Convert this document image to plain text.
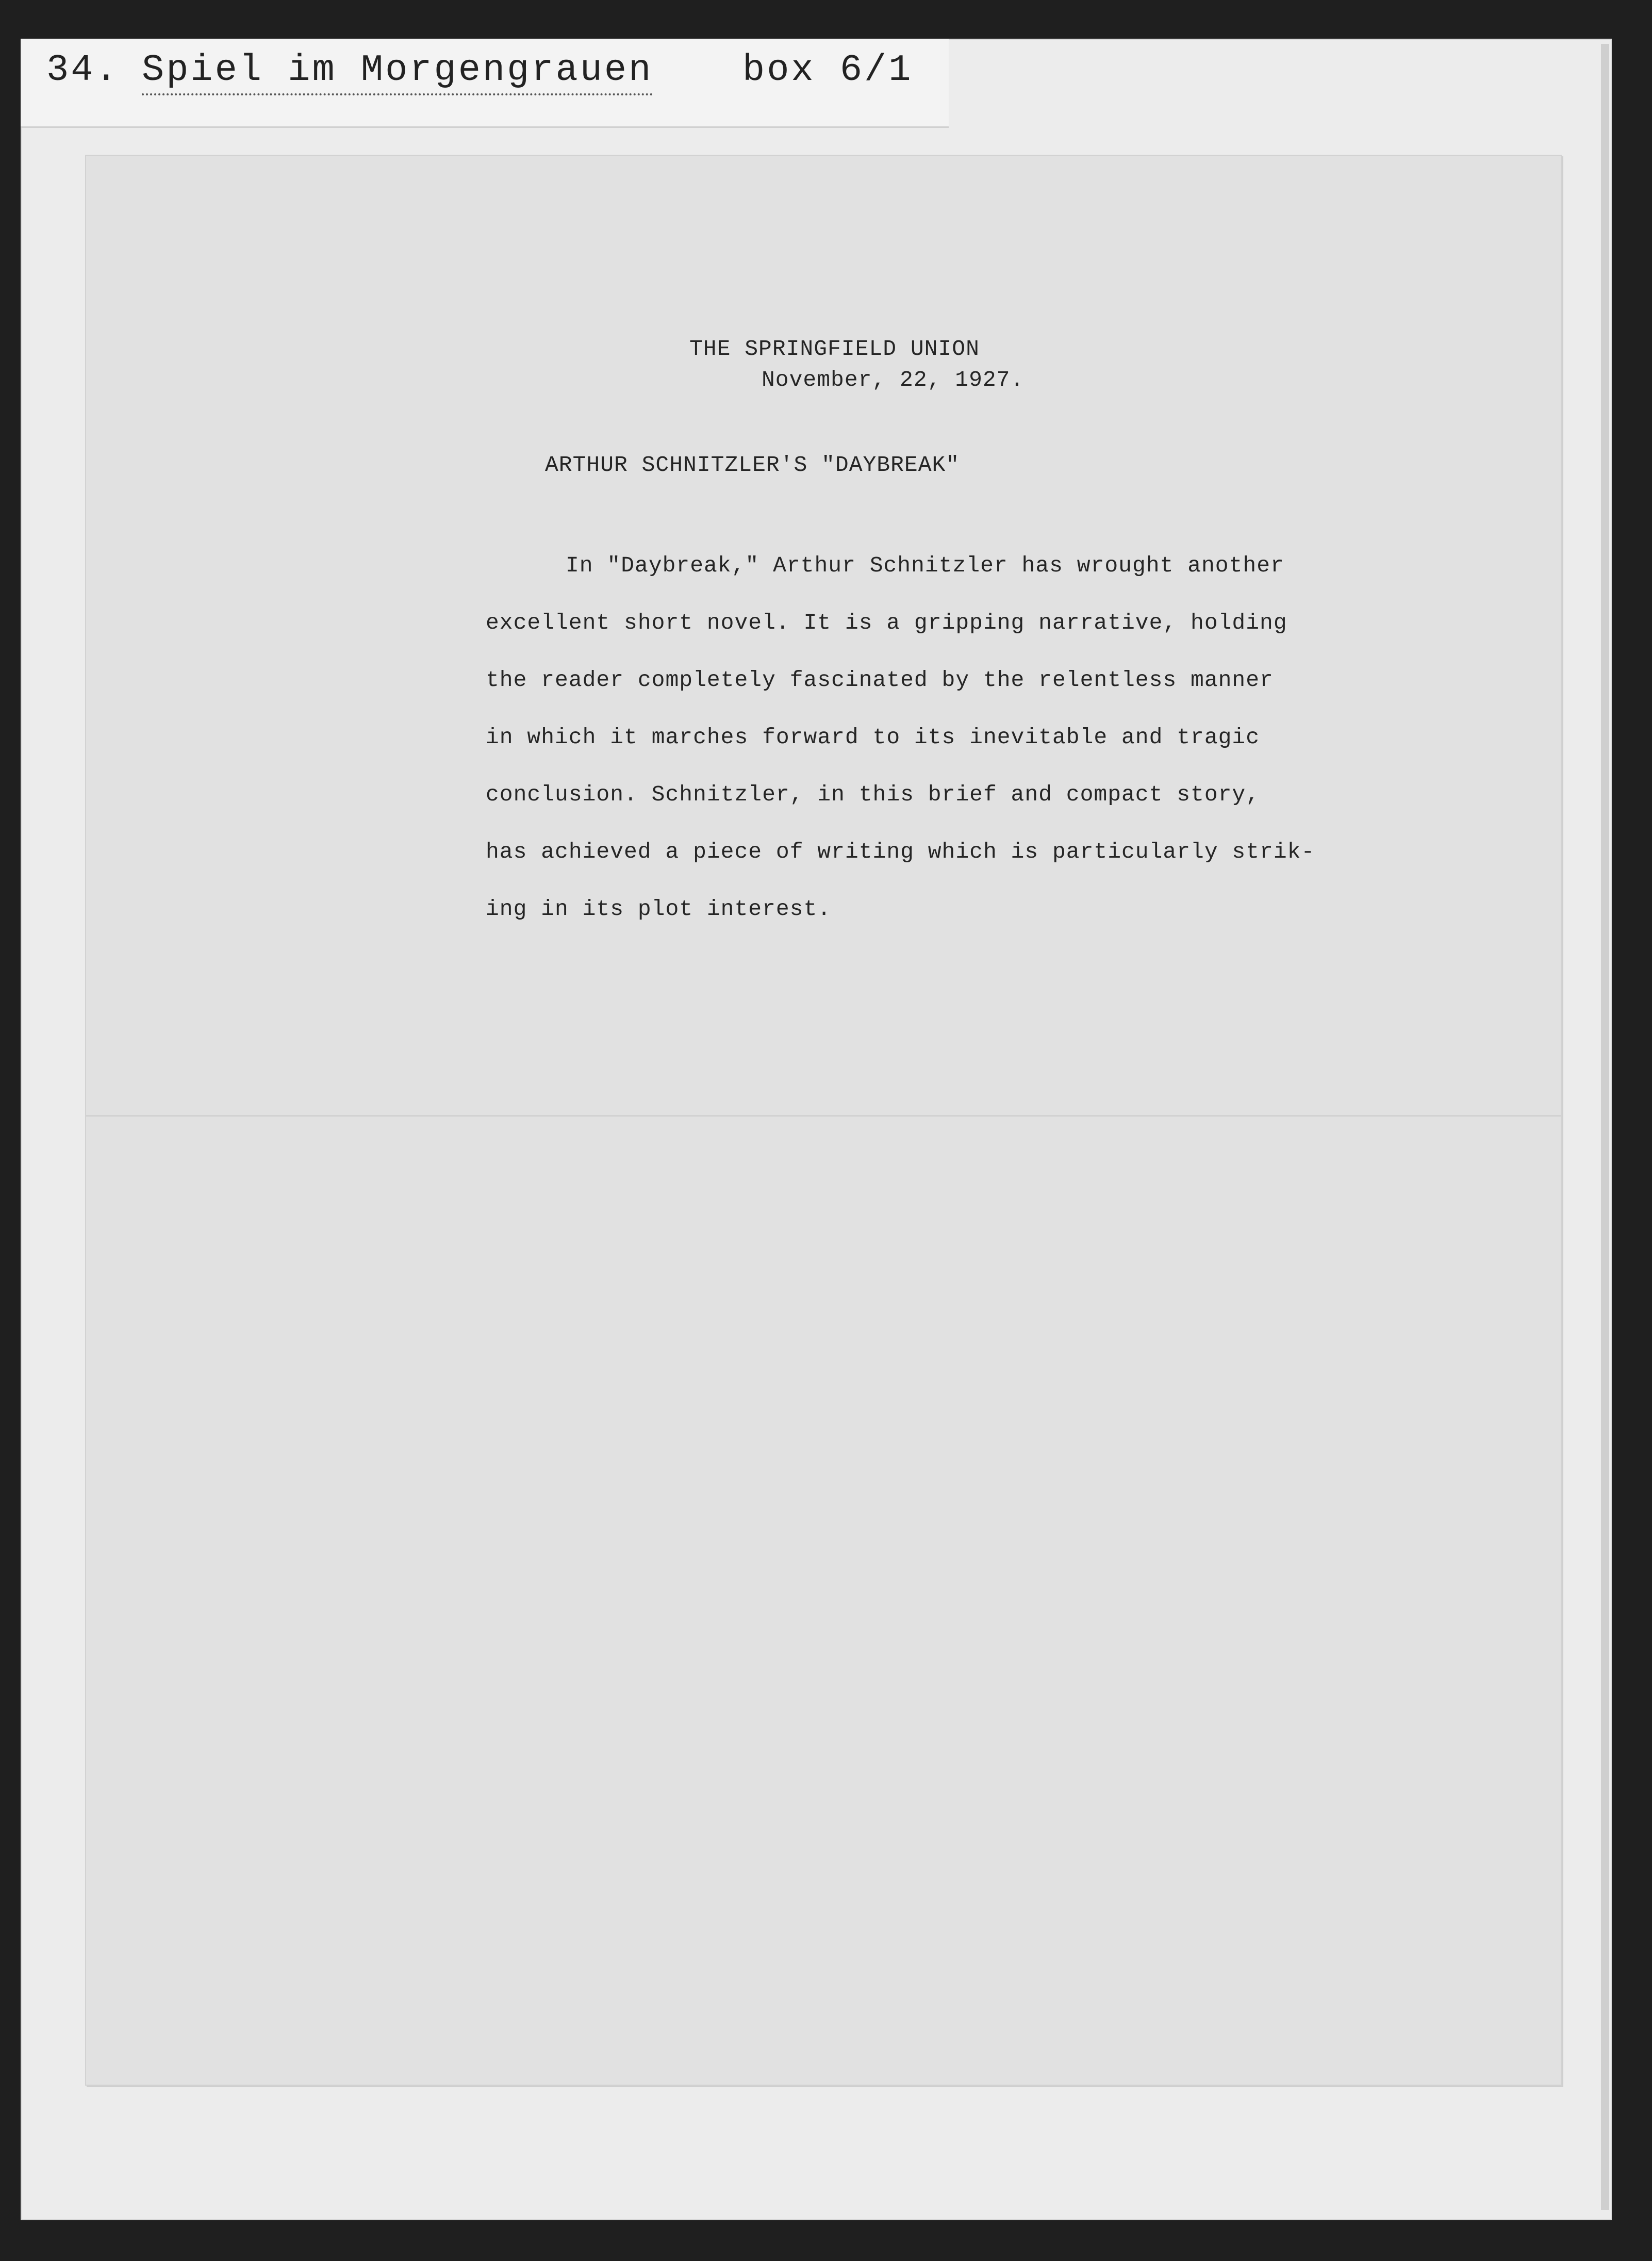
34. Spiel im Morgengrauen box 6/1
THE SPRINGFIELD UNION
November, 22, 1927.
ARTHUR SCHNITZLER'S "DAYBREAK"
In "Daybreak," Arthur Schnitzler has wrought another
excellent short novel. It is a gripping narrative, holding
the reader completely fascinated by the relentless manner
in which it marches forward to its inevitable and tragic
conclusion. Schnitzler, in this brief and compact story,
has achieved a piece of writing which is particularly strik-
ing in its plot interest.
